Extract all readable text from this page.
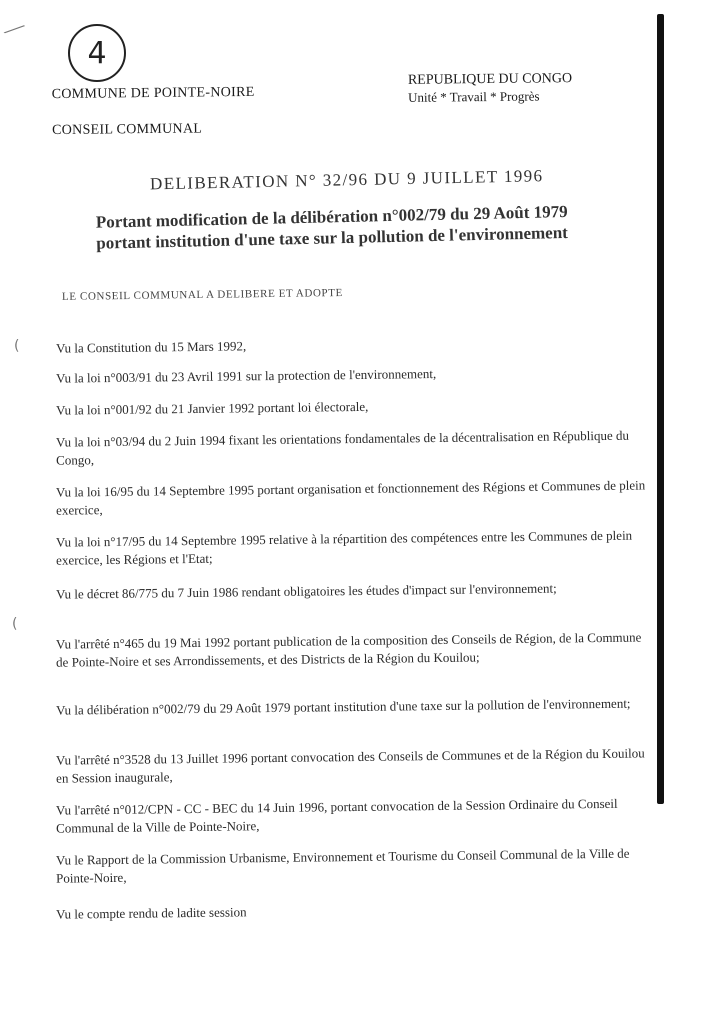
⟋
(
(
4
COMMUNE DE POINTE-NOIRE
CONSEIL COMMUNAL
REPUBLIQUE DU CONGO
Unité * Travail * Progrès
DELIBERATION N° 32/96 DU 9 JUILLET 1996
Portant modification de la délibération n°002/79 du 29 Août 1979
portant institution d'une taxe sur la pollution de l'environnement
LE CONSEIL COMMUNAL A DELIBERE ET ADOPTE
Vu la Constitution du 15 Mars 1992,
Vu la loi n°003/91 du 23 Avril 1991 sur la protection de l'environnement,
Vu la loi n°001/92 du 21 Janvier 1992 portant loi électorale,
Vu la loi n°03/94 du 2 Juin 1994 fixant les orientations fondamentales de la décentralisation en République du Congo,
Vu la loi 16/95 du 14 Septembre 1995 portant organisation et fonctionnement des Régions et Communes de plein exercice,
Vu la loi n°17/95 du 14 Septembre 1995 relative à la répartition des compétences entre les Communes de plein exercice, les Régions et l'Etat;
Vu le décret 86/775 du 7 Juin 1986 rendant obligatoires les études d'impact sur l'environnement;
Vu l'arrêté n°465 du 19 Mai 1992 portant publication de la composition des Conseils de Région, de la Commune de Pointe-Noire et ses Arrondissements, et des Districts de la Région du Kouilou;
Vu la délibération n°002/79 du 29 Août 1979 portant institution d'une taxe sur la pollution de l'environnement;
Vu l'arrêté n°3528 du 13 Juillet 1996 portant convocation des Conseils de Communes et de la Région du Kouilou en Session inaugurale,
Vu l'arrêté n°012/CPN - CC - BEC du 14 Juin 1996, portant convocation de la Session Ordinaire du Conseil Communal de la Ville de Pointe-Noire,
Vu le Rapport de la Commission Urbanisme, Environnement et Tourisme du Conseil Communal de la Ville de Pointe-Noire,
Vu le compte rendu de ladite session
